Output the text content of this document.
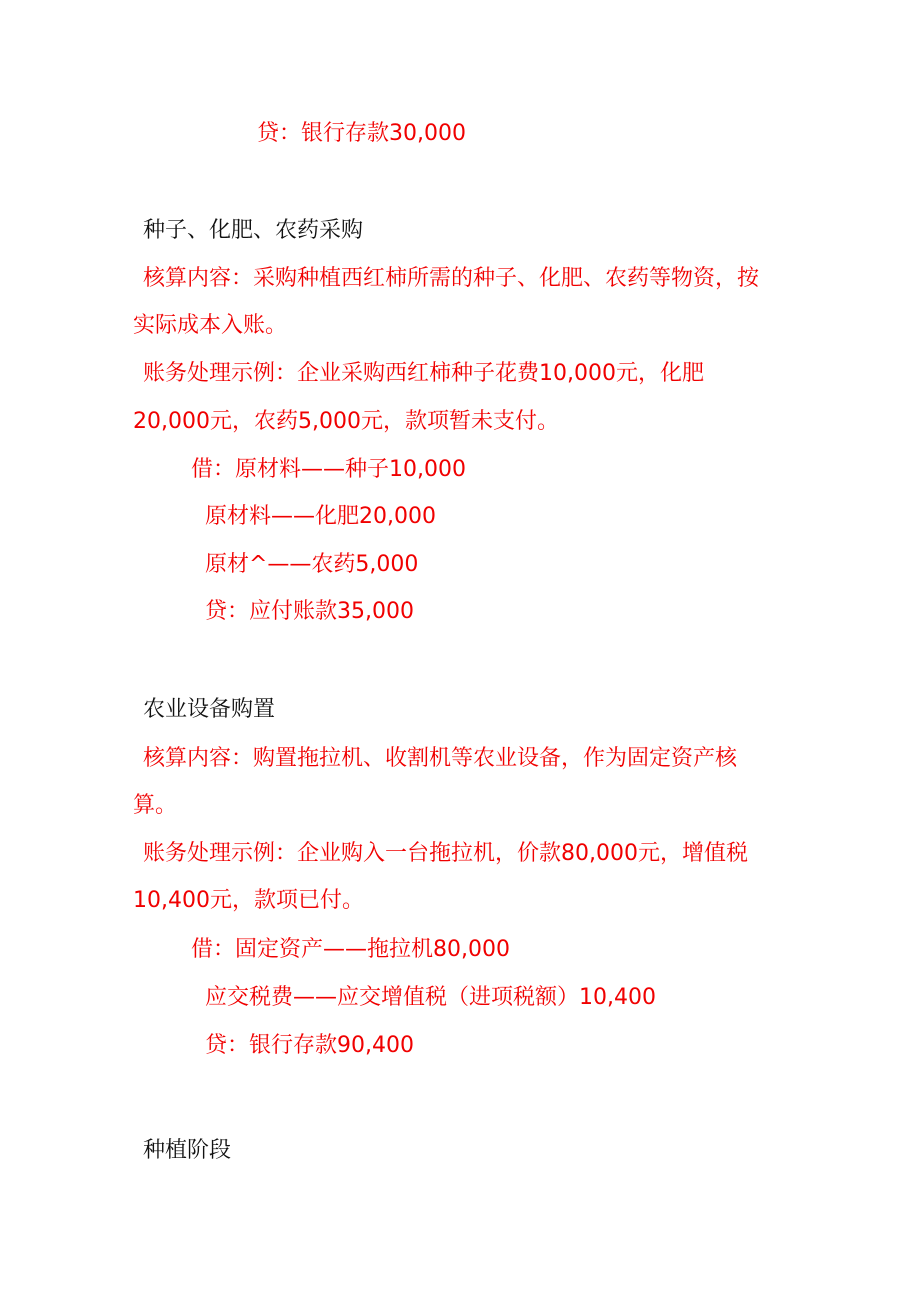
贷：银行存款30,000
种子、化肥、农药采购
核算内容：采购种植西红柿所需的种子、化肥、农药等物资，按
实际成本入账。
账务处理示例：企业采购西红柿种子花费10,000元，化肥
20,000元，农药5,000元，款项暂未支付。
借：原材料——种子10,000
原材料——化肥20,000
原材^——农药5,000
贷：应付账款35,000
农业设备购置
核算内容：购置拖拉机、收割机等农业设备，作为固定资产核
算。
账务处理示例：企业购入一台拖拉机，价款80,000元，增值税
10,400元，款项已付。
借：固定资产——拖拉机80,000
应交税费——应交增值税（进项税额）10,400
贷：银行存款90,400
种植阶段
